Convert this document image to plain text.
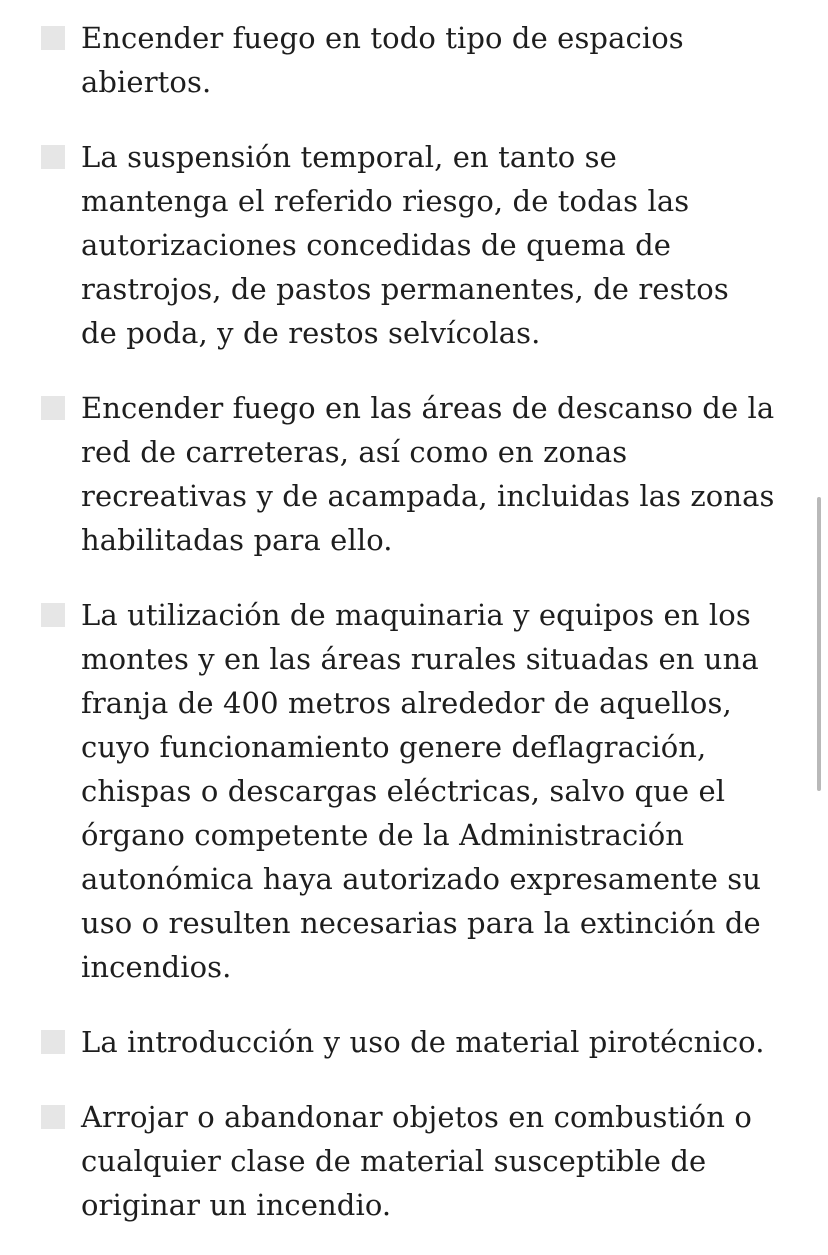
Encender fuego en todo tipo de espacios
abiertos.
La suspensión temporal, en tanto se
mantenga el referido riesgo, de todas las
autorizaciones concedidas de quema de
rastrojos, de pastos permanentes, de restos
de poda, y de restos selvícolas.
Encender fuego en las áreas de descanso de la
red de carreteras, así como en zonas
recreativas y de acampada, incluidas las zonas
habilitadas para ello.
La utilización de maquinaria y equipos en los
montes y en las áreas rurales situadas en una
franja de 400 metros alrededor de aquellos,
cuyo funcionamiento genere deflagración,
chispas o descargas eléctricas, salvo que el
órgano competente de la Administración
autonómica haya autorizado expresamente su
uso o resulten necesarias para la extinción de
incendios.
La introducción y uso de material pirotécnico.
Arrojar o abandonar objetos en combustión o
cualquier clase de material susceptible de
originar un incendio.
